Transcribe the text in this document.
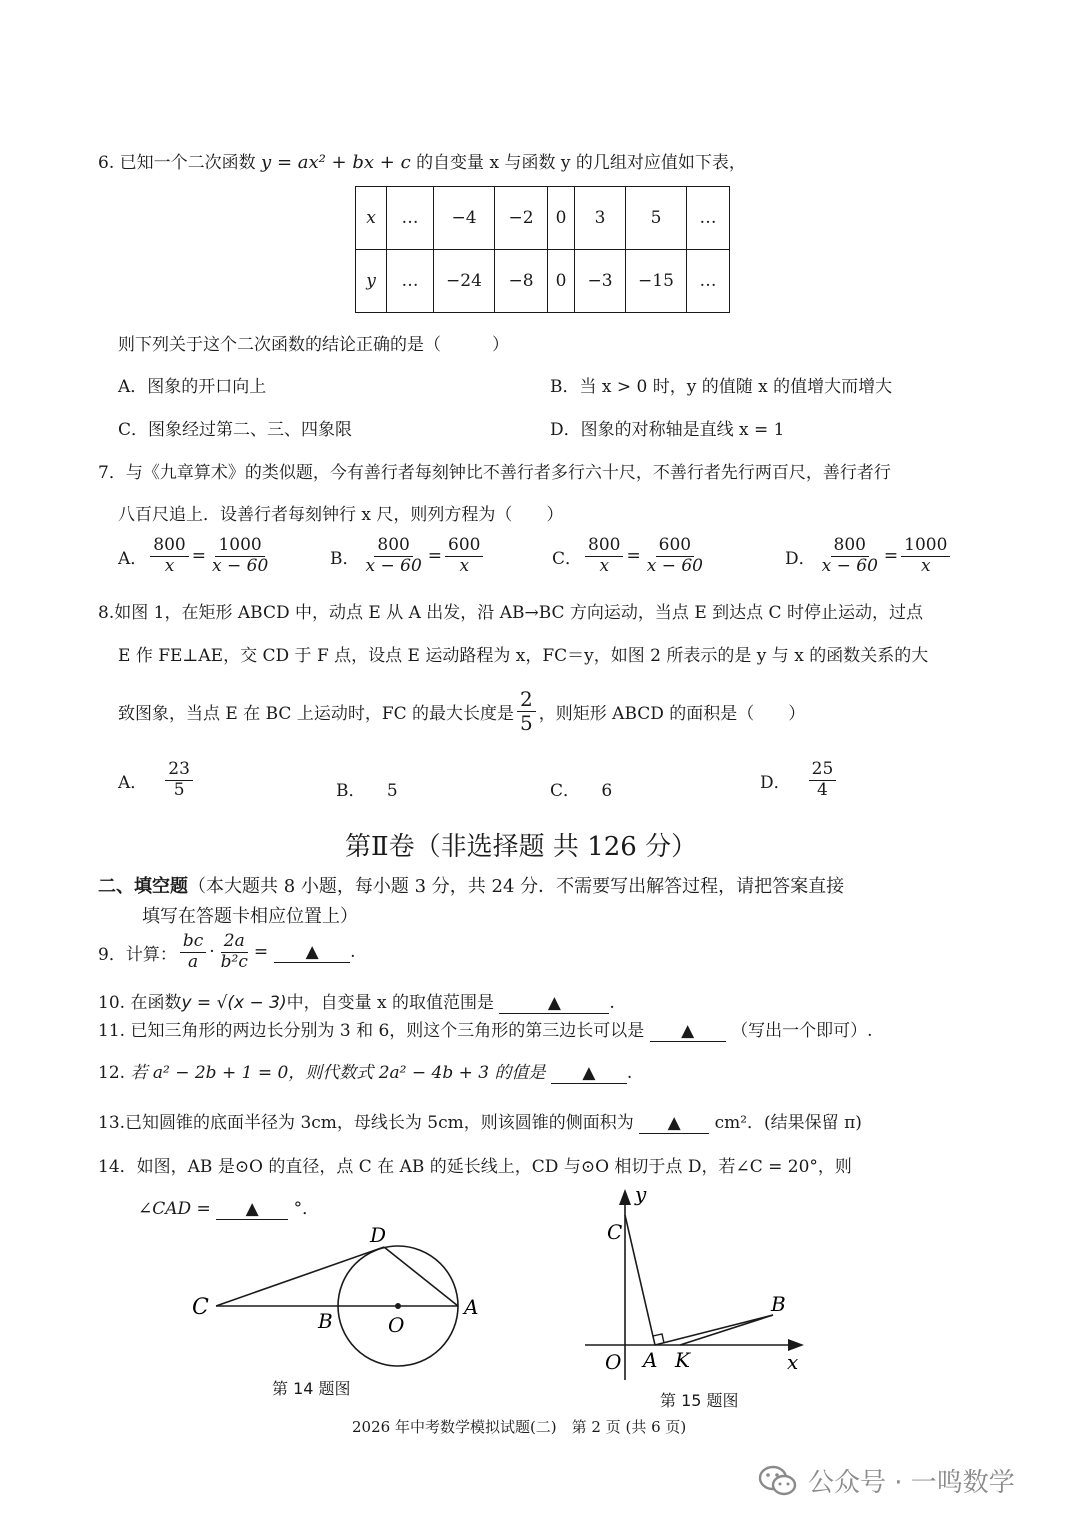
6. 已知一个二次函数 y = ax² + bx + c 的自变量 x 与函数 y 的几组对应值如下表，
x	…	−4	−2	0	3	5	…
y	…	−24	−8	0	−3	−15	…
则下列关于这个二次函数的结论正确的是（　　　）
A．图象的开口向上	B．当 x > 0 时，y 的值随 x 的值增大而增大
C．图象经过第二、三、四象限	D．图象的对称轴是直线 x = 1
7．与《九章算术》的类似题，今有善行者每刻钟比不善行者多行六十尺，不善行者先行两百尺，善行者行
八百尺追上．设善行者每刻钟行 x 尺，则列方程为（　　）
A． $\frac{800}{x} = \frac{1000}{x - 60}$	B． $\frac{800}{x - 60} = \frac{600}{x}$	C． $\frac{800}{x} = \frac{600}{x - 60}$	D． $\frac{800}{x - 60} = \frac{1000}{x}$
8.如图 1，在矩形 ABCD 中，动点 E 从 A 出发，沿 AB→BC 方向运动，当点 E 到达点 C 时停止运动，过点
E 作 FE⊥AE，交 CD 于 F 点，设点 E 运动路程为 x，FC＝y，如图 2 所表示的是 y 与 x 的函数关系的大
致图象，当点 E 在 BC 上运动时，FC 的最大长度是 $\frac{2}{5}$ ，则矩形 ABCD 的面积是（　　）
A． $\frac{23}{5}$	B． 5	C． 6	D． $\frac{25}{4}$
第Ⅱ卷（非选择题 共 126 分）
二、填空题（本大题共 8 小题，每小题 3 分，共 24 分．不需要写出解答过程，请把答案直接
填写在答题卡相应位置上）
9． 计算： $\frac{bc}{a} \cdot \frac{2a}{\text{b²c}}$ =	▲	.
10. 在函数y = √(x − 3)中，自变量 x 的取值范围是	▲	.
11. 已知三角形的两边长分别为 3 和 6，则这个三角形的第三边长可以是 ▲ （写出一个即可）.
12. 若 a² − 2b + 1 = 0，则代数式 2a² − 4b + 3 的值是 ▲ .
13.已知圆锥的底面半径为 3cm，母线长为 5cm，则该圆锥的侧面积为 ▲ cm²．(结果保留 π)
14．如图，AB 是⊙O 的直径，点 C 在 AB 的延长线上，CD 与⊙O 相切于点 D，若∠C = 20°，则
∠CAD = ▲ °．
C
B	O
A
D
第 14 题图
y
C
B
O A K	x
第 15 题图
2026 年中考数学模拟试题(二)　第 2 页 (共 6 页)
公众号 · 一鸣数学
